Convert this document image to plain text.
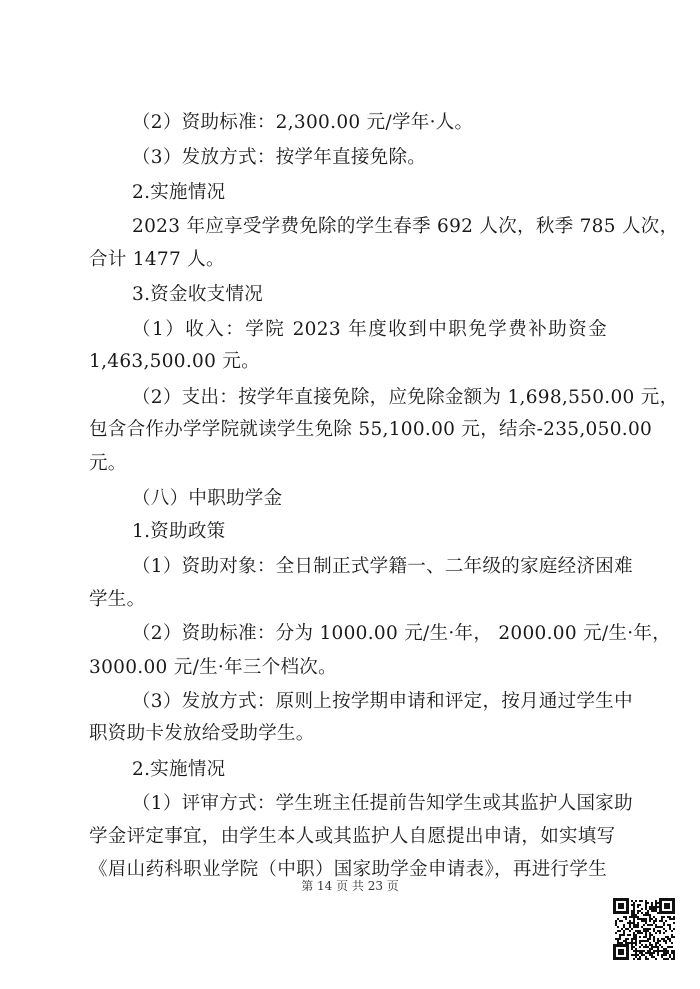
（2）资助标准：2,300.00 元/学年·人。
（3）发放方式：按学年直接免除。
2.实施情况
2023 年应享受学费免除的学生春季 692 人次，秋季 785 人次，
合计 1477 人。
3.资金收支情况
（1）收入：学院 2023 年度收到中职免学费补助资金
1,463,500.00 元。
（2）支出：按学年直接免除，应免除金额为 1,698,550.00 元，
包含合作办学学院就读学生免除 55,100.00 元，结余-235,050.00
元。
（八）中职助学金
1.资助政策
（1）资助对象：全日制正式学籍一、二年级的家庭经济困难
学生。
（2）资助标准：分为 1000.00 元/生·年， 2000.00 元/生·年，
3000.00 元/生·年三个档次。
（3）发放方式：原则上按学期申请和评定，按月通过学生中
职资助卡发放给受助学生。
2.实施情况
（1）评审方式：学生班主任提前告知学生或其监护人国家助
学金评定事宜，由学生本人或其监护人自愿提出申请，如实填写
《眉山药科职业学院（中职）国家助学金申请表》，再进行学生
第 14 页 共 23 页
